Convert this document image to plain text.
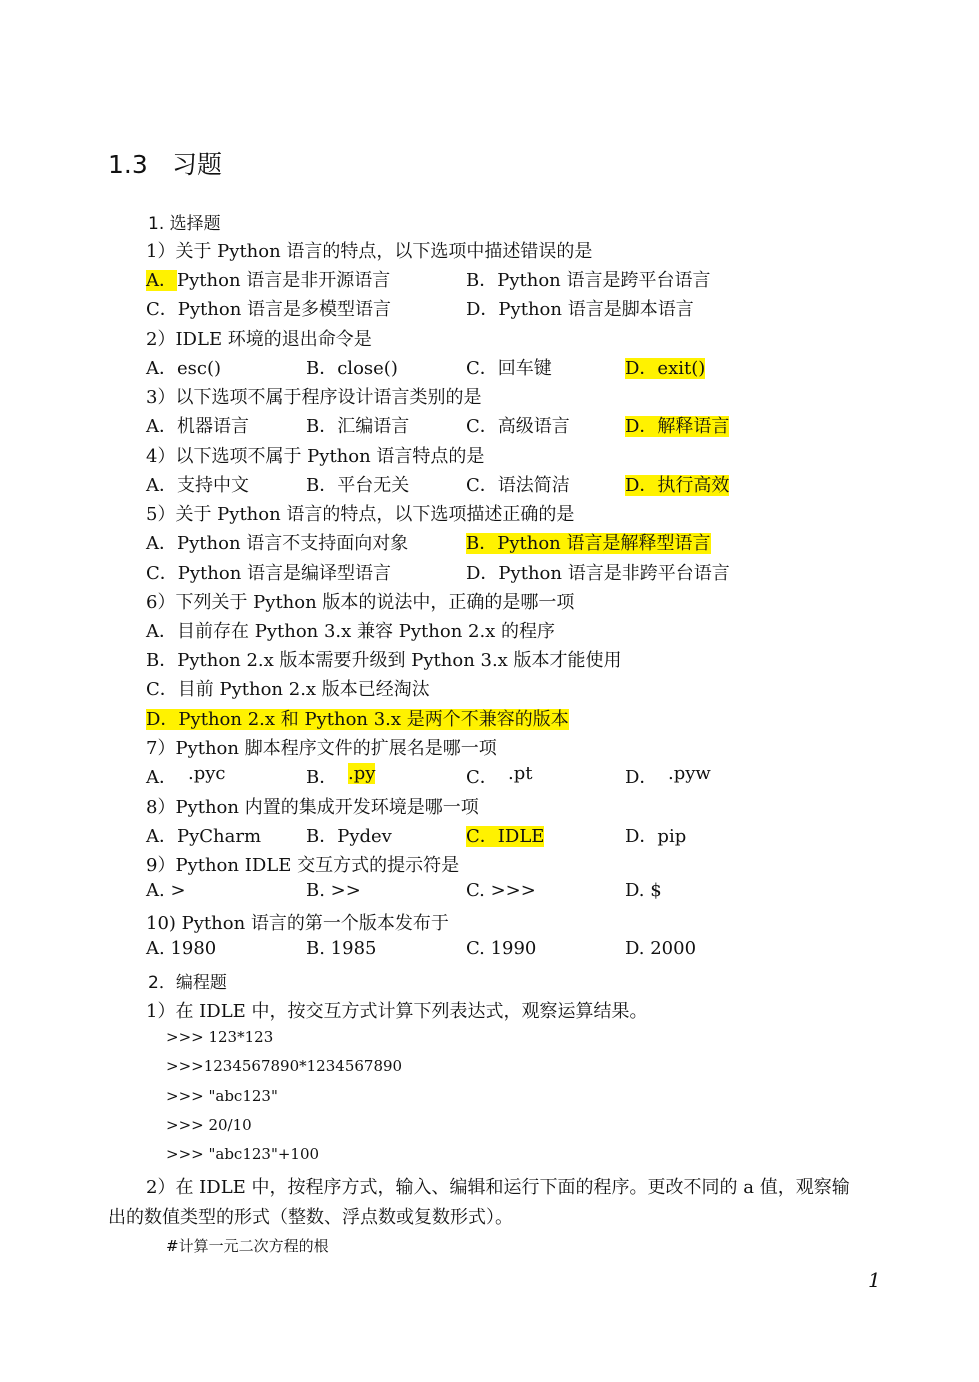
1.3 习题
1. 选择题
1）关于 Python 语言的特点，以下选项中描述错误的是
A．Python 语言是非开源语言	B．Python 语言是跨平台语言
C．Python 语言是多模型语言	D．Python 语言是脚本语言
2）IDLE 环境的退出命令是
A．esc()	B．close()	C．回车键	D．exit()
3）以下选项不属于程序设计语言类别的是
A．机器语言	B．汇编语言	C．高级语言	D．解释语言
4）以下选项不属于 Python 语言特点的是
A．支持中文	B．平台无关	C．语法简洁	D．执行高效
5）关于 Python 语言的特点，以下选项描述正确的是
A．Python 语言不支持面向对象	B．Python 语言是解释型语言
C．Python 语言是编译型语言	D．Python 语言是非跨平台语言
6）下列关于 Python 版本的说法中，正确的是哪一项
A．目前存在 Python 3.x 兼容 Python 2.x 的程序
B．Python 2.x 版本需要升级到 Python 3.x 版本才能使用
C．目前 Python 2.x 版本已经淘汰
D．Python 2.x 和 Python 3.x 是两个不兼容的版本
7）Python 脚本程序文件的扩展名是哪一项
A． .pyc	B． .py	C． .pt	D． .pyw
8）Python 内置的集成开发环境是哪一项
A．PyCharm B．Pydev	C．IDLE	D．pip
9）Python IDLE 交互方式的提示符是
A. >	B. >>	C. >>>	D. $
10) Python 语言的第一个版本发布于
A. 1980	B. 1985	C. 1990	D. 2000
2．编程题
1）在 IDLE 中，按交互方式计算下列表达式，观察运算结果。
>>> 123*123
>>>1234567890*1234567890
>>> "abc123"
>>> 20/10
>>> "abc123"+100
2）在 IDLE 中，按程序方式，输入、编辑和运行下面的程序。更改不同的 a 值，观察输
出的数值类型的形式（整数、浮点数或复数形式）。
#计算一元二次方程的根
1
